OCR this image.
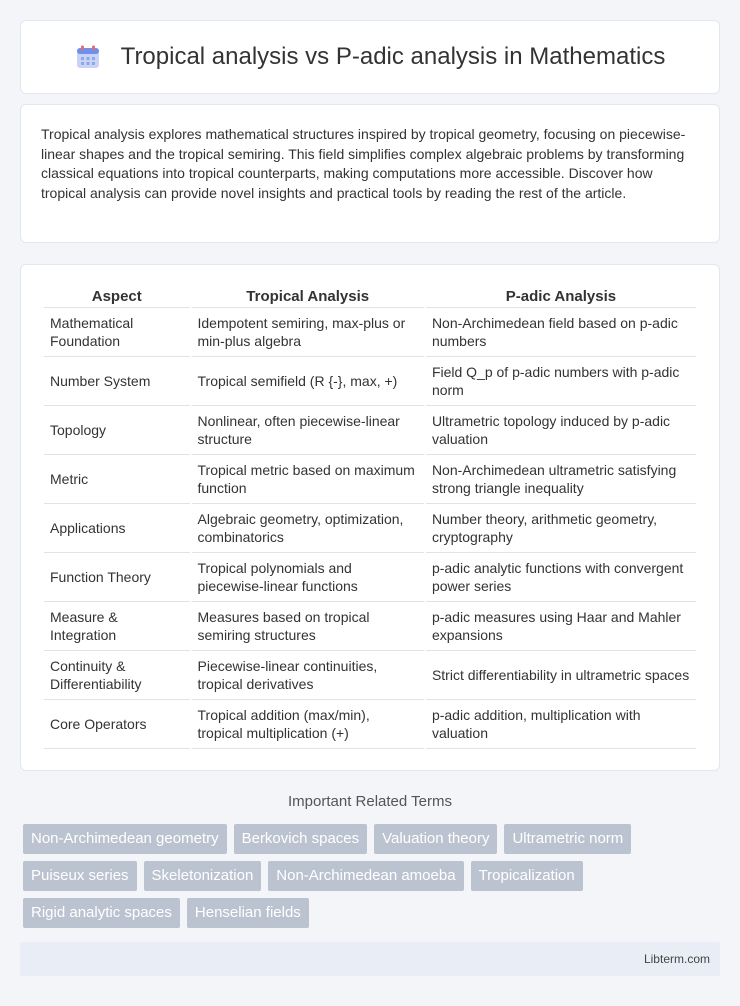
Tropical analysis vs P-adic analysis in Mathematics

Tropical analysis explores mathematical structures inspired by tropical geometry, focusing on piecewise-linear shapes and the tropical semiring. This field simplifies complex algebraic problems by transforming classical equations into tropical counterparts, making computations more accessible. Discover how tropical analysis can provide novel insights and practical tools by reading the rest of the article.

Aspect	Tropical Analysis	P-adic Analysis
Mathematical Foundation	Idempotent semiring, max-plus or min-plus algebra	Non-Archimedean field based on p-adic numbers
Number System	Tropical semifield (R {-}, max, +)	Field Q_p of p-adic numbers with p-adic norm
Topology	Nonlinear, often piecewise-linear structure	Ultrametric topology induced by p-adic valuation
Metric	Tropical metric based on maximum function	Non-Archimedean ultrametric satisfying strong triangle inequality
Applications	Algebraic geometry, optimization, combinatorics	Number theory, arithmetic geometry, cryptography
Function Theory	Tropical polynomials and piecewise-linear functions	p-adic analytic functions with convergent power series
Measure & Integration	Measures based on tropical semiring structures	p-adic measures using Haar and Mahler expansions
Continuity & Differentiability	Piecewise-linear continuities, tropical derivatives	Strict differentiability in ultrametric spaces
Core Operators	Tropical addition (max/min), tropical multiplication (+)	p-adic addition, multiplication with valuation
Important Related Terms
Non-Archimedean geometry	Berkovich spaces	Valuation theory	Ultrametric norm
Puiseux series	Skeletonization	Non-Archimedean amoeba	Tropicalization
Rigid analytic spaces	Henselian fields
Libterm.com
